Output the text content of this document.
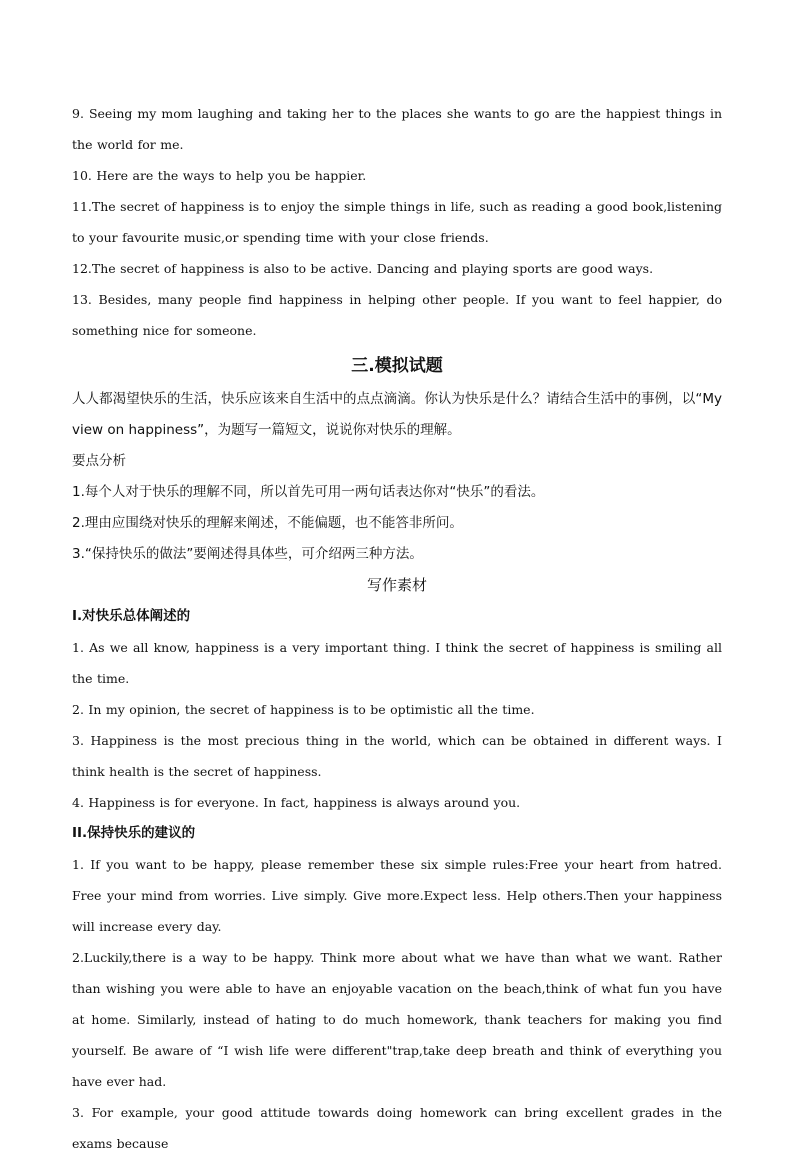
9. Seeing my mom laughing and taking her to the places she wants to go are the happiest things in the world for me.

10. Here are the ways to help you be happier.

11.The secret of happiness is to enjoy the simple things in life, such as reading a good book,listening to your favourite music,or spending time with your close friends.

12.The secret of happiness is also to be active. Dancing and playing sports are good ways.

13. Besides, many people find happiness in helping other people. If you want to feel happier, do something nice for someone.

三.模拟试题

人人都渴望快乐的生活，快乐应该来自生活中的点点滴滴。你认为快乐是什么？请结合生活中的事例，以“My view on happiness”，为题写一篇短文，说说你对快乐的理解。

要点分析

1.每个人对于快乐的理解不同，所以首先可用一两句话表达你对“快乐”的看法。

2.理由应围绕对快乐的理解来阐述，不能偏题，也不能答非所问。

3.“保持快乐的做法”要阐述得具体些，可介绍两三种方法。

写作素材

I.对快乐总体阐述的

1. As we all know, happiness is a very important thing. I think the secret of happiness is smiling all the time.

2. In my opinion, the secret of happiness is to be optimistic all the time.

3. Happiness is the most precious thing in the world, which can be obtained in different ways. I think health is the secret of happiness.

4. Happiness is for everyone. In fact, happiness is always around you.

II.保持快乐的建议的

1. If you want to be happy, please remember these six simple rules:Free your heart from hatred. Free your mind from worries. Live simply. Give more.Expect less. Help others.Then your happiness will increase every day.

2.Luckily,there is a way to be happy. Think more about what we have than what we want. Rather than wishing you were able to have an enjoyable vacation on the beach,think of what fun you have at home. Similarly, instead of hating to do much homework, thank teachers for making you find yourself. Be aware of “I wish life were different"trap,take deep breath and think of everything you have ever had.

3. For example, your good attitude towards doing homework can bring excellent grades in the exams because
